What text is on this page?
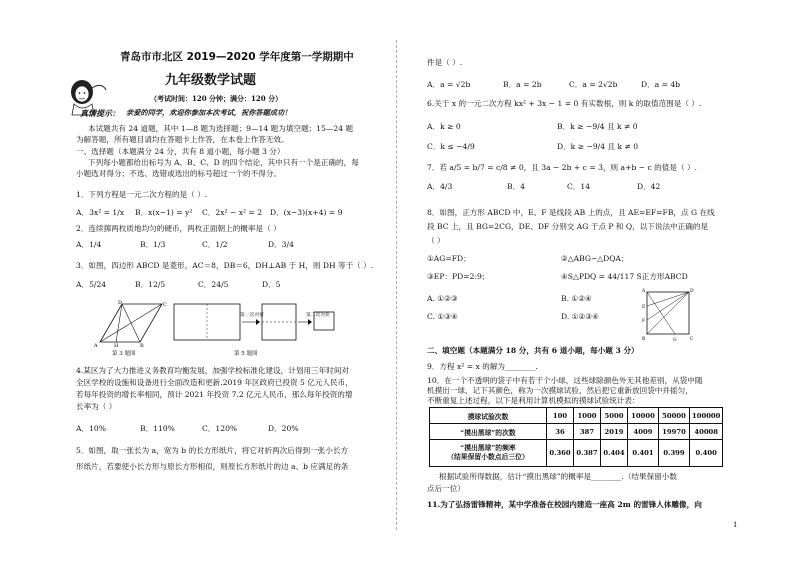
青岛市市北区 2019—2020 学年度第一学期期中
九年级数学试题
（考试时间：120 分钟；满分：120 分）
真情提示： 亲爱的同学，欢迎你参加本次考试，祝你答题成功！
本试题共有 24 道题，其中 1—8 题为选择题；9—14 题为填空题；15—24 题
为解答题，所有题目请均在答题卡上作答，在本卷上作答无效。
一、选择题（本题满分 24 分，共有 8 道小题，每小题 3 分）
下列每小题都给出标号为 A、B、C、D 的四个结论，其中只有一个是正确的，每
小题选对得分；不选、选错或选出的标号超过一个的不得分。
1．下列方程是一元二次方程的是（ ）.
A．3x² = 1/x B．x(x−1) = y² C．2x² − x² = 2 D．(x−3)(x+4) = 9
2．连续掷两枚质地均匀的硬币，两枚正面朝上的概率是（ ）
A．1/4	B．1/3	C．1/2	D．3/4
3．如图，四边形 ABCD 是菱形，AC＝8，DB＝6，DH⊥AB 于 H，则 DH 等于（ ）.
A．5/24	B．12/5	C．24/5	D．5
A	H	B
C
D
第 3 题图
第一次对折	第二次对折
第 5 题图
4.某区为了大力推进义务教育均衡发展，加强学校标准化建设，计划用三年时间对
全区学校的设施和设备进行全面改造和更新.2019 年区政府已投资 5 亿元人民币，
若每年投资的增长率相同，预计 2021 年投资 7.2 亿元人民币，那么每年投资的增
长率为（ ）
A．10%	B．110%	C．120%	D．20%
5．如图，取一张长为 a，宽为 b 的长方形纸片，将它对折两次后得到一张小长方
形纸片，若要使小长方形与原长方形相似，则原长方形纸片的边 a、b 应满足的条
件是（ ）.
A．a = √2b	B．a = 2b	C．a = 2√2b	D．a = 4b
6.关于 x 的一元二次方程 kx² + 3x − 1 = 0 有实数根，则 k 的取值范围是（ ）.
A．k ≥ 0	B．k ≥ −9/4 且 k ≠ 0
C．k ≤ −4/9	D．k ≥ −9/4 且 k ≠ 0
7．若 a/5 = b/7 = c/8 ≠ 0，且 3a − 2b + c = 3，则 a+b − c 的值是（ ）.
A．4/3	B．4	C．14	D．42
8．如图，正方形 ABCD 中，E、F 是线段 AB 上的点，且 AE=EF=FB，点 G 在线
段 BC 上，且 BG=2CG，DE、DF 分别交 AG 于点 P 和 Q，以下说法中正确的是
（ ）
①AG=FD；	②△ABG∽△DQA；
③EP：PD=2:9；	④S△PDQ = 44/117 S正方形ABCD
A. ①②③	B. ①②④
C. ①③④	D. ①②③④
A	D
E
F
B	G	C
二、填空题（本题满分 18 分，共有 6 道小题，每小题 3 分）
9．方程 x² = x 的解为________.
10．在一个不透明的袋子中有若干个小球，这些球除颜色外无其他差别，从袋中随
机摸出一球，记下其颜色，称为一次摸球试验，然后把它重新放回袋中并摇匀，
不断重复上述过程，以下是利用计算机模拟的摸球试验统计表：
摸球试验次数	100	1000	5000	10000	50000	100000
“摸出黑球”的次数	36	387	2019	4009	19970	40008
“摸出黑球”的频率
（结果保留小数点后三位）	0.360	0.387	0.404	0.401	0.399	0.400
根据试验所得数据，估计“摸出黑球”的概率是________.（结果保留小数
点后一位）
11.为了弘扬雷锋精神，某中学准备在校园内建造一座高 2m 的雷锋人体雕像，向
1
